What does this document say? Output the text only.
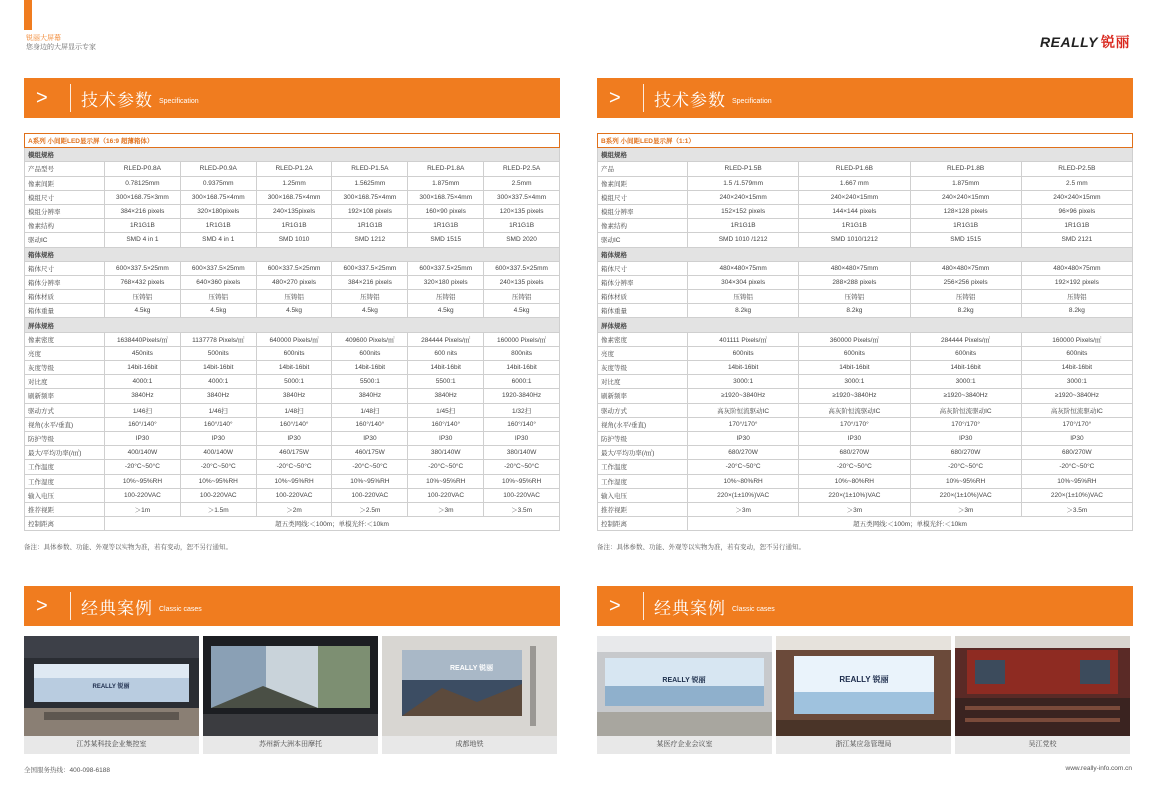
锐丽大屏幕
您身边的大屏显示专家	REALLY 锐丽
>	技术参数 Specification	>	技术参数 Specification
A系列 小间距LED显示屏（16:9 超薄箱体）						
模组规格						
产品型号	RLED-P0.8A	RLED-P0.9A	RLED-P1.2A	RLED-P1.5A	RLED-P1.8A	RLED-P2.5A
像素间距	0.78125mm	0.9375mm	1.25mm	1.5625mm	1.875mm	2.5mm
模组尺寸	300×168.75×3mm	300×168.75×4mm	300×168.75×4mm	300×168.75×4mm	300×168.75×4mm	300×337.5×4mm
模组分辨率	384×216 pixels	320×180pixels	240×135pixels	192×108 pixels	160×90 pixels	120×135 pixels
像素结构	1R1G1B	1R1G1B	1R1G1B	1R1G1B	1R1G1B	1R1G1B
驱动IC	SMD 4 in 1	SMD 4 in 1	SMD 1010	SMD 1212	SMD 1515	SMD 2020
箱体规格						
箱体尺寸	600×337.5×25mm	600×337.5×25mm	600×337.5×25mm	600×337.5×25mm	600×337.5×25mm	600×337.5×25mm
箱体分辨率	768×432 pixels	640×360 pixels	480×270 pixels	384×216 pixels	320×180 pixels	240×135 pixels
箱体材质	压铸铝	压铸铝	压铸铝	压铸铝	压铸铝	压铸铝
箱体重量	4.5kg	4.5kg	4.5kg	4.5kg	4.5kg	4.5kg
屏体规格						
像素密度	1638440Pixels/㎡	1137778 Pixels/㎡	640000 Pixels/㎡	409600 Pixels/㎡	284444 Pixels/㎡	160000 Pixels/㎡
亮度	450nits	500nits	600nits	600nits	600 nits	800nits
灰度等级	14bit-16bit	14bit-16bit	14bit-16bit	14bit-16bit	14bit-16bit	14bit-16bit
对比度	4000:1	4000:1	5000:1	5500:1	5500:1	6000:1
刷新频率	3840Hz	3840Hz	3840Hz	3840Hz	3840Hz	1920-3840Hz
驱动方式	1/46扫	1/46扫	1/48扫	1/48扫	1/45扫	1/32扫
视角(水平/垂直)	160°/140°	160°/140°	160°/140°	160°/140°	160°/140°	160°/140°
防护等级	IP30	IP30	IP30	IP30	IP30	IP30
最大/平均功率(/㎡)	400/140W	400/140W	460/175W	460/175W	380/140W	380/140W
工作温度	-20°C~50°C	-20°C~50°C	-20°C~50°C	-20°C~50°C	-20°C~50°C	-20°C~50°C
工作湿度	10%~95%RH	10%~95%RH	10%~95%RH	10%~95%RH	10%~95%RH	10%~95%RH
输入电压	100-220VAC	100-220VAC	100-220VAC	100-220VAC	100-220VAC	100-220VAC
推荐视距	＞1m	＞1.5m	＞2m	＞2.5m	＞3m	＞3.5m
控制距离	超五类网线:＜100m；单模光纤:＜10km					
B系列 小间距LED显示屏（1:1）				
模组规格				
产品	RLED-P1.5B	RLED-P1.6B	RLED-P1.8B	RLED-P2.5B
像素间距	1.5 /1.579mm	1.667 mm	1.875mm	2.5 mm
模组尺寸	240×240×15mm	240×240×15mm	240×240×15mm	240×240×15mm
模组分辨率	152×152 pixels	144×144 pixels	128×128 pixels	96×96 pixels
像素结构	1R1G1B	1R1G1B	1R1G1B	1R1G1B
驱动IC	SMD 1010 /1212	SMD 1010/1212	SMD 1515	SMD 2121
箱体规格				
箱体尺寸	480×480×75mm	480×480×75mm	480×480×75mm	480×480×75mm
箱体分辨率	304×304 pixels	288×288 pixels	256×256 pixels	192×192 pixels
箱体材质	压铸铝	压铸铝	压铸铝	压铸铝
箱体重量	8.2kg	8.2kg	8.2kg	8.2kg
屏体规格				
像素密度	401111 Pixels/㎡	360000 Pixels/㎡	284444 Pixels/㎡	160000 Pixels/㎡
亮度	600nits	600nits	600nits	600nits
灰度等级	14bit-16bit	14bit-16bit	14bit-16bit	14bit-16bit
对比度	3000:1	3000:1	3000:1	3000:1
刷新频率	≥1920~3840Hz	≥1920~3840Hz	≥1920~3840Hz	≥1920~3840Hz
驱动方式	高灰阶恒流驱动IC	高灰阶恒流驱动IC	高灰阶恒流驱动IC	高灰阶恒流驱动IC
视角(水平/垂直)	170°/170°	170°/170°	170°/170°	170°/170°
防护等级	IP30	IP30	IP30	IP30
最大/平均功率(/㎡)	680/270W	680/270W	680/270W	680/270W
工作温度	-20°C~50°C	-20°C~50°C	-20°C~50°C	-20°C~50°C
工作湿度	10%~80%RH	10%~80%RH	10%~95%RH	10%~95%RH
输入电压	220×(1±10%)VAC	220×(1±10%)VAC	220×(1±10%)VAC	220×(1±10%)VAC
推荐视距	＞3m	＞3m	＞3m	＞3.5m
控制距离	超五类网线:＜100m；单模光纤:＜10km			
备注：具体参数、功能、外观等以实物为准，若有变动，恕不另行通知。	备注：具体参数、功能、外观等以实物为准，若有变动，恕不另行通知。
>	经典案例 Classic cases	>	经典案例 Classic cases
REALLY 锐丽
江苏某科技企业集控室	苏州新大洲本田摩托
REALLY 锐丽
成都地铁
REALLY 锐丽
某医疗企业会议室
REALLY 锐丽
浙江某应急管理局	吴江党校
全国服务热线：400-098-6188	www.really-info.com.cn
